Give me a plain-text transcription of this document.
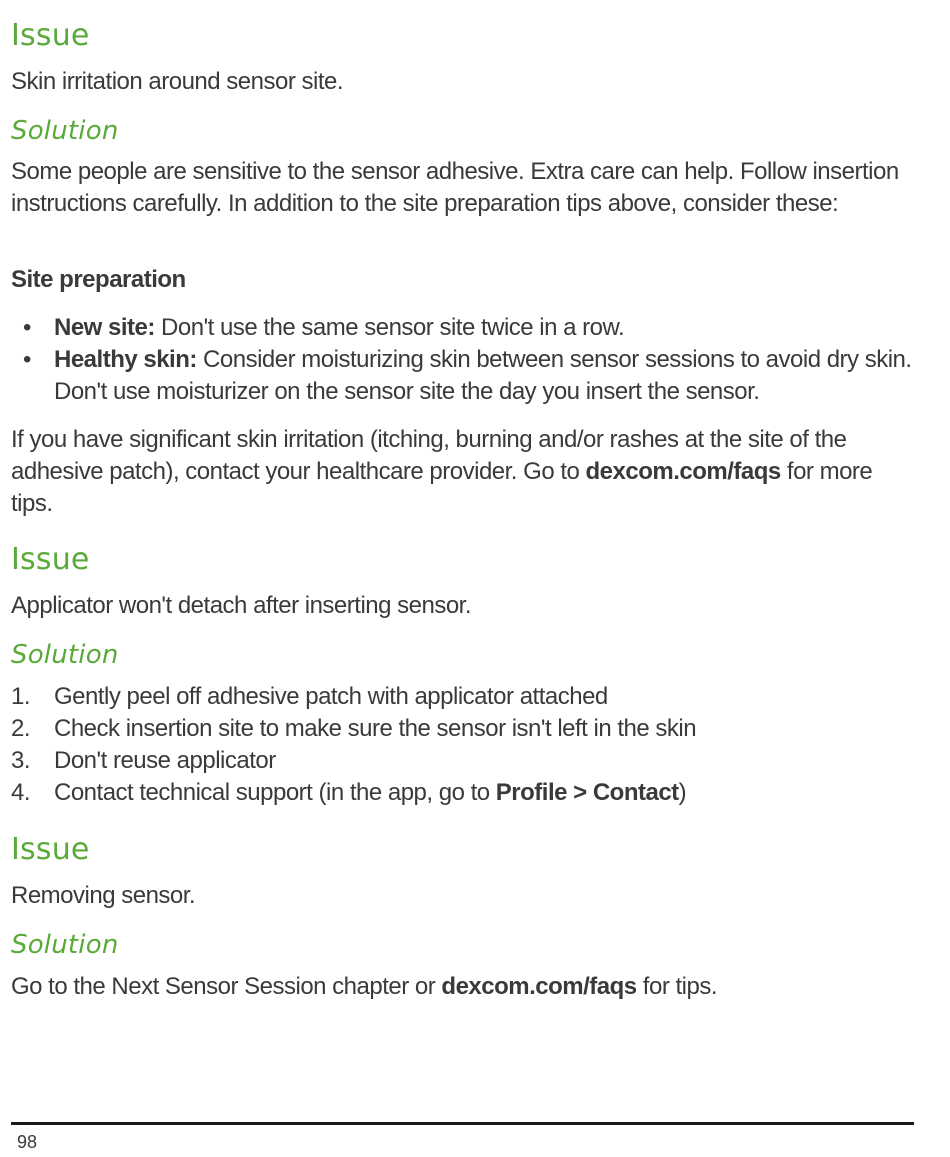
Issue

Skin irritation around sensor site.

Solution

Some people are sensitive to the sensor adhesive. Extra care can help. Follow insertion instructions carefully. In addition to the site preparation tips above, consider these:

Site preparation

• New site: Don't use the same sensor site twice in a row.
• Healthy skin: Consider moisturizing skin between sensor sessions to avoid dry skin. Don't use moisturizer on the sensor site the day you insert the sensor.

If you have significant skin irritation (itching, burning and/or rashes at the site of the adhesive patch), contact your healthcare provider. Go to dexcom.com/faqs for more tips.

Issue

Applicator won't detach after inserting sensor.

Solution
1. Gently peel off adhesive patch with applicator attached
2. Check insertion site to make sure the sensor isn't left in the skin
3. Don't reuse applicator
4. Contact technical support (in the app, go to Profile > Contact)
Issue

Removing sensor.

Solution

Go to the Next Sensor Session chapter or dexcom.com/faqs for tips.

98
